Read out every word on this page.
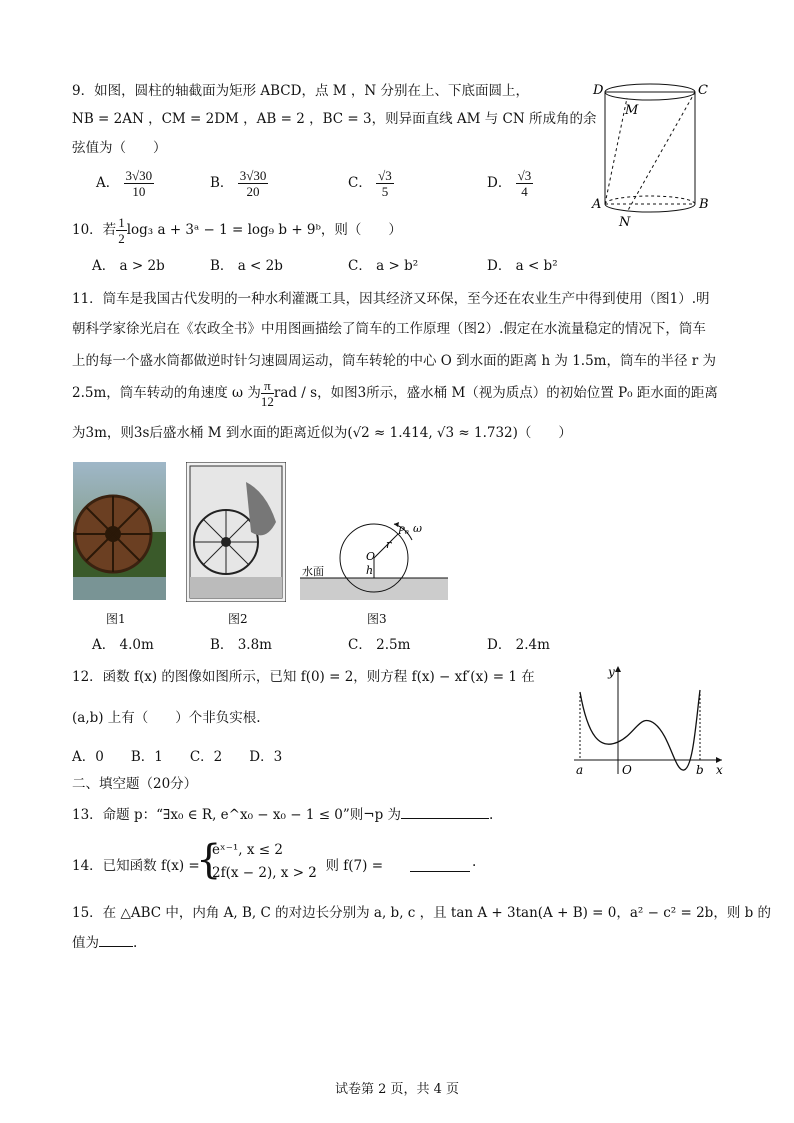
9．如图，圆柱的轴截面为矩形 ABCD，点 M ，N 分别在上、下底面圆上，
NB = 2AN ，CM = 2DM ，AB = 2 ，BC = 3，则异面直线 AM 与 CN 所成角的余
弦值为（　　）
A． $\frac{3√30}{10}$	B． $\frac{3√30}{20}$	C． $\frac{√3}{5}$	D． $\frac{√3}{4}$
D	C
M
A	B
N
10．若 $\frac{1}{2} \log_3$ a + 3ᵃ − 1 = log₉ b + 9ᵇ，则（　　）
A． a > 2b	B． a < 2b	C． a > b²	D． a < b²
11．筒车是我国古代发明的一种水利灌溉工具，因其经济又环保，至今还在农业生产中得到使用（图1）.明
朝科学家徐光启在《农政全书》中用图画描绘了筒车的工作原理（图2）.假定在水流量稳定的情况下，筒车
上的每一个盛水筒都做逆时针匀速圆周运动，筒车转轮的中心 O 到水面的距离 h 为 1.5m，筒车的半径 r 为
2.5m，筒车转动的角速度 ω 为 $\frac{\pi}{12}$ rad / s，如图3所示，盛水桶 M（视为质点）的初始位置 P₀ 距水面的距离
为3m，则3s后盛水桶 M 到水面的距离近似为(√2 ≈ 1.414, √3 ≈ 1.732)（　　）
水面
O
h
r
P₀ ω
图1	图2	图3
A． 4.0m	B． 3.8m	C． 2.5m	D． 2.4m
12．函数 f(x) 的图像如图所示，已知 f(0) = 2，则方程 f(x) − xf′(x) = 1 在
(a,b) 上有（　　）个非负实根.
A．0　　B．1　　C．2　　D．3
y
x
a	O	b
二、填空题（20分）
13．命题 p：“∃x₀ ∈ R, e^x₀ − x₀ − 1 ≤ 0”则¬p 为	.
14．已知函数 f(x) =
{
eˣ⁻¹, x ≤ 2
2f(x − 2), x > 2
，则 f(7) =	.
15．在 △ABC 中，内角 A, B, C 的对边长分别为 a, b, c ，且 tan A + 3tan(A + B) = 0，a² − c² = 2b，则 b 的
值为	.
试卷第 2 页，共 4 页
